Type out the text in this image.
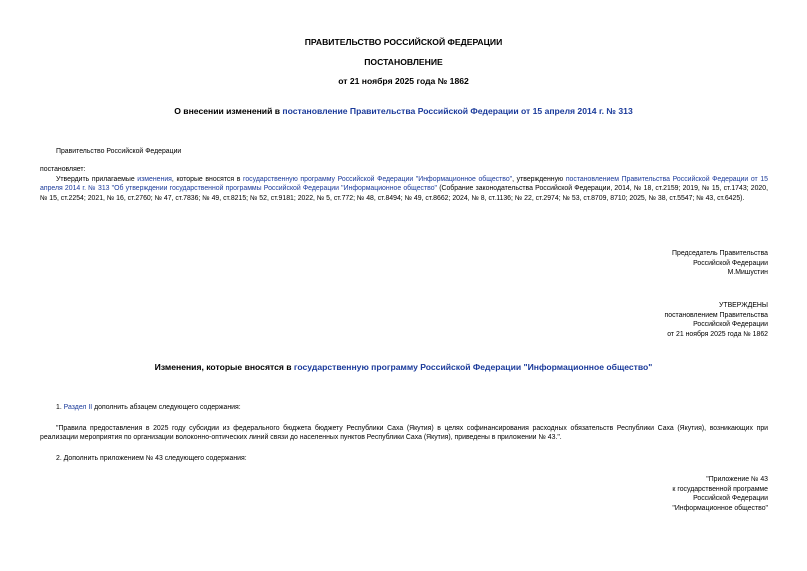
ПРАВИТЕЛЬСТВО РОССИЙСКОЙ ФЕДЕРАЦИИ
ПОСТАНОВЛЕНИЕ
от 21 ноября 2025 года № 1862
О внесении изменений в постановление Правительства Российской Федерации от 15 апреля 2014 г. № 313
Правительство Российской Федерации
постановляет:
Утвердить прилагаемые изменения, которые вносятся в государственную программу Российской Федерации "Информационное общество", утвержденную постановлением Правительства Российской Федерации от 15 апреля 2014 г. № 313 "Об утверждении государственной программы Российской Федерации "Информационное общество" (Собрание законодательства Российской Федерации, 2014, № 18, ст.2159; 2019, № 15, ст.1743; 2020, № 15, ст.2254; 2021, № 16, ст.2760; № 47, ст.7836; № 49, ст.8215; № 52, ст.9181; 2022, № 5, ст.772; № 48, ст.8494; № 49, ст.8662; 2024, № 8, ст.1136; № 22, ст.2974; № 53, ст.8709, 8710; 2025, № 38, ст.5547; № 43, ст.6425).
Председатель Правительства
Российской Федерации
М.Мишустин
УТВЕРЖДЕНЫ
постановлением Правительства
Российской Федерации
от 21 ноября 2025 года № 1862
Изменения, которые вносятся в государственную программу Российской Федерации "Информационное общество"
1. Раздел II дополнить абзацем следующего содержания:
"Правила предоставления в 2025 году субсидии из федерального бюджета бюджету Республики Саха (Якутия) в целях софинансирования расходных обязательств Республики Саха (Якутия), возникающих при реализации мероприятия по организации волоконно-оптических линий связи до населенных пунктов Республики Саха (Якутия), приведены в приложении № 43.".
2. Дополнить приложением № 43 следующего содержания:
"Приложение № 43
к государственной программе
Российской Федерации
"Информационное общество"
